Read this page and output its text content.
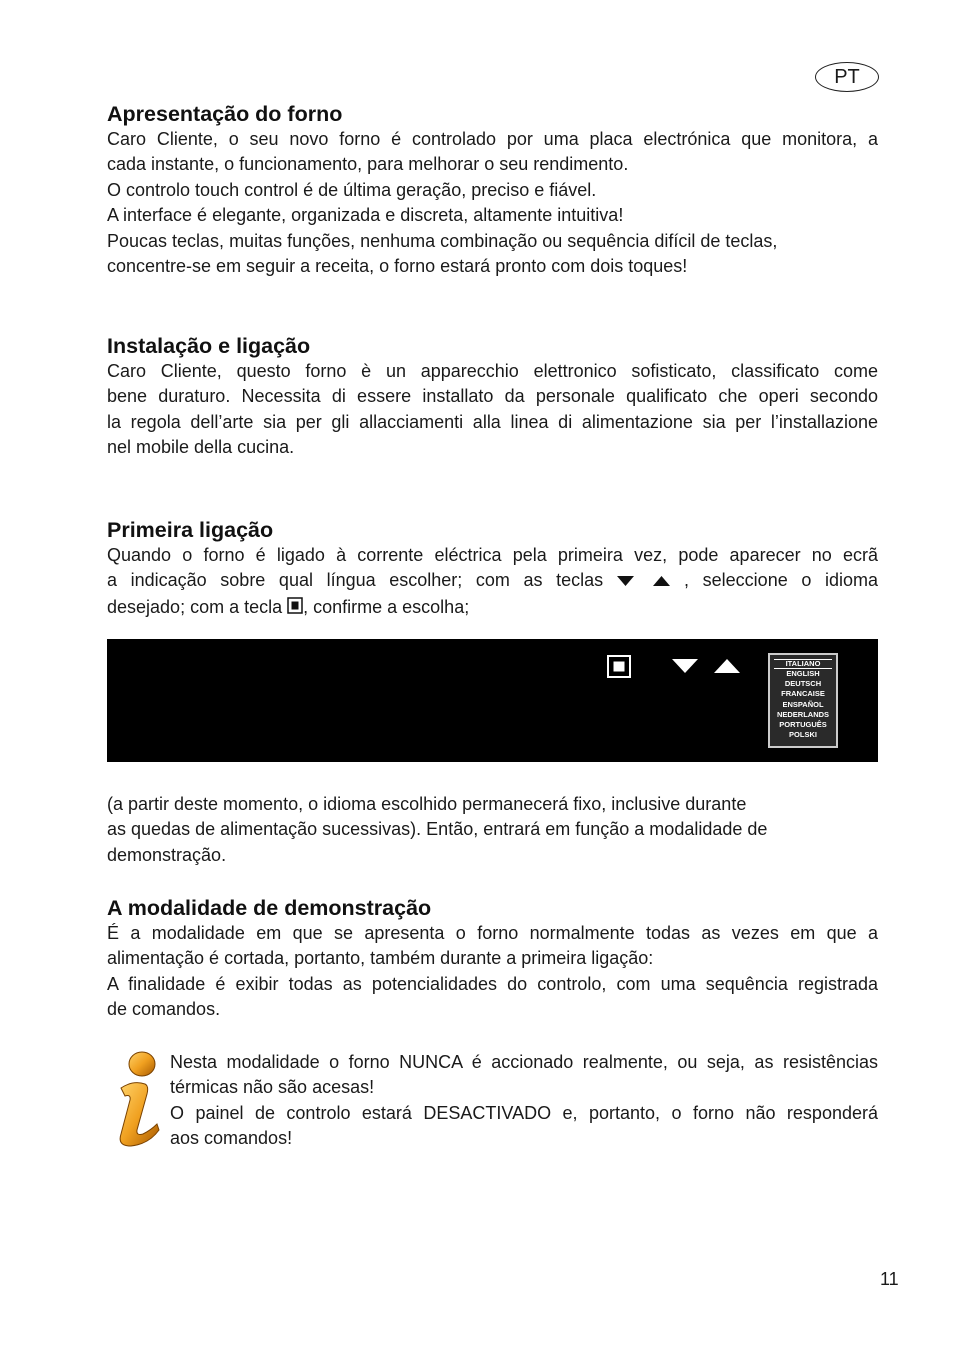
PT
Apresentação do forno

Caro Cliente, o seu novo forno é controlado por uma placa electrónica que monitora, a
cada instante, o funcionamento, para melhorar o seu rendimento.
O controlo touch control é de última geração, preciso e fiável.
A interface é elegante, organizada e discreta, altamente intuitiva!
Poucas teclas, muitas funções, nenhuma combinação ou sequência difícil de teclas,
concentre-se em seguir a receita, o forno estará pronto com dois toques!

Instalação e ligação

Caro Cliente, questo forno è un apparecchio elettronico sofisticato, classificato come
bene duraturo. Necessita di essere installato da personale qualificato che operi secondo
la regola dell’arte sia per gli allacciamenti alla linea di alimentazione sia per l’installazione
nel mobile della cucina.

Primeira ligação

Quando o forno é ligado à corrente eléctrica pela primeira vez, pode aparecer no ecrã
a indicação sobre qual língua escolher; com as teclas	, seleccione o idioma
desejado; com a tecla , confirme a escolha;

ITALIANO
ENGLISH
DEUTSCH
FRANCAISE
ENSPAÑOL
NEDERLANDS
PORTUGUÊS
POLSKI

(a partir deste momento, o idioma escolhido permanecerá fixo, inclusive durante
as quedas de alimentação sucessivas). Então, entrará em função a modalidade de
demonstração.

A modalidade de demonstração

É a modalidade em que se apresenta o forno normalmente todas as vezes em que a
alimentação é cortada, portanto, também durante a primeira ligação:
A finalidade é exibir todas as potencialidades do controlo, com uma sequência registrada
de comandos.

Nesta modalidade o forno NUNCA é accionado realmente, ou seja, as resistências
térmicas não são acesas!
O painel de controlo estará DESACTIVADO e, portanto, o forno não responderá
aos comandos!
11
